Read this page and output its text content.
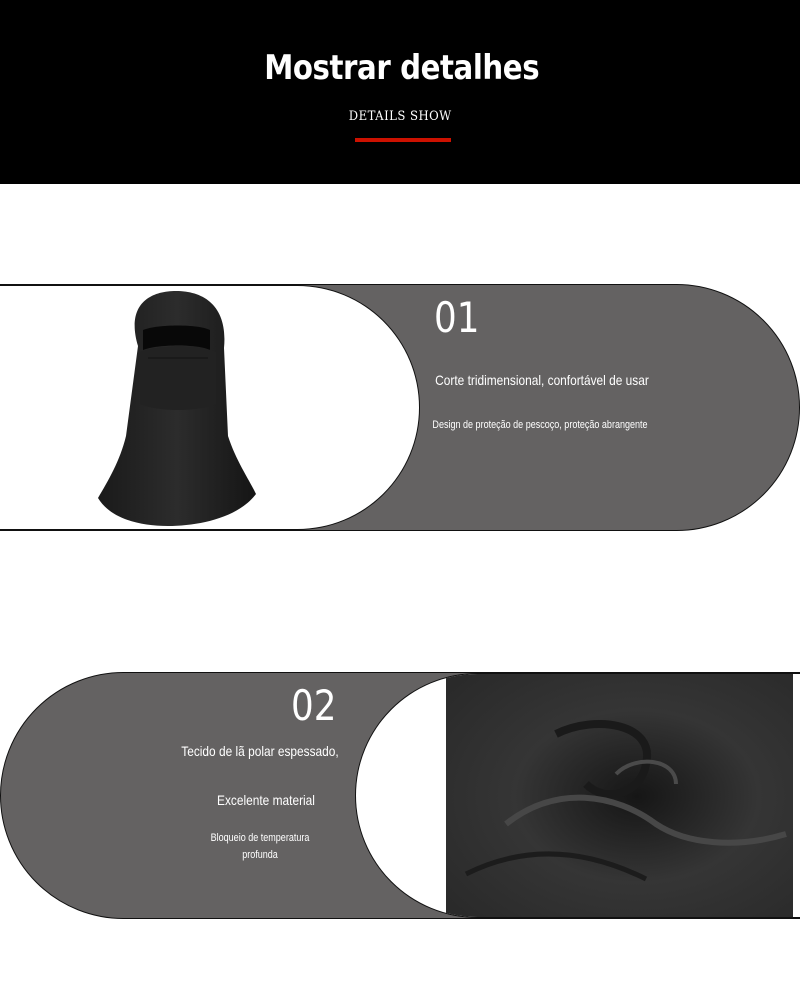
Mostrar detalhes
DETAILS SHOW
01
Corte tridimensional, confortável de usar
Design de proteção de pescoço, proteção abrangente
02
Tecido de lã polar espessado,
Excelente material
Bloqueio de temperatura
profunda
